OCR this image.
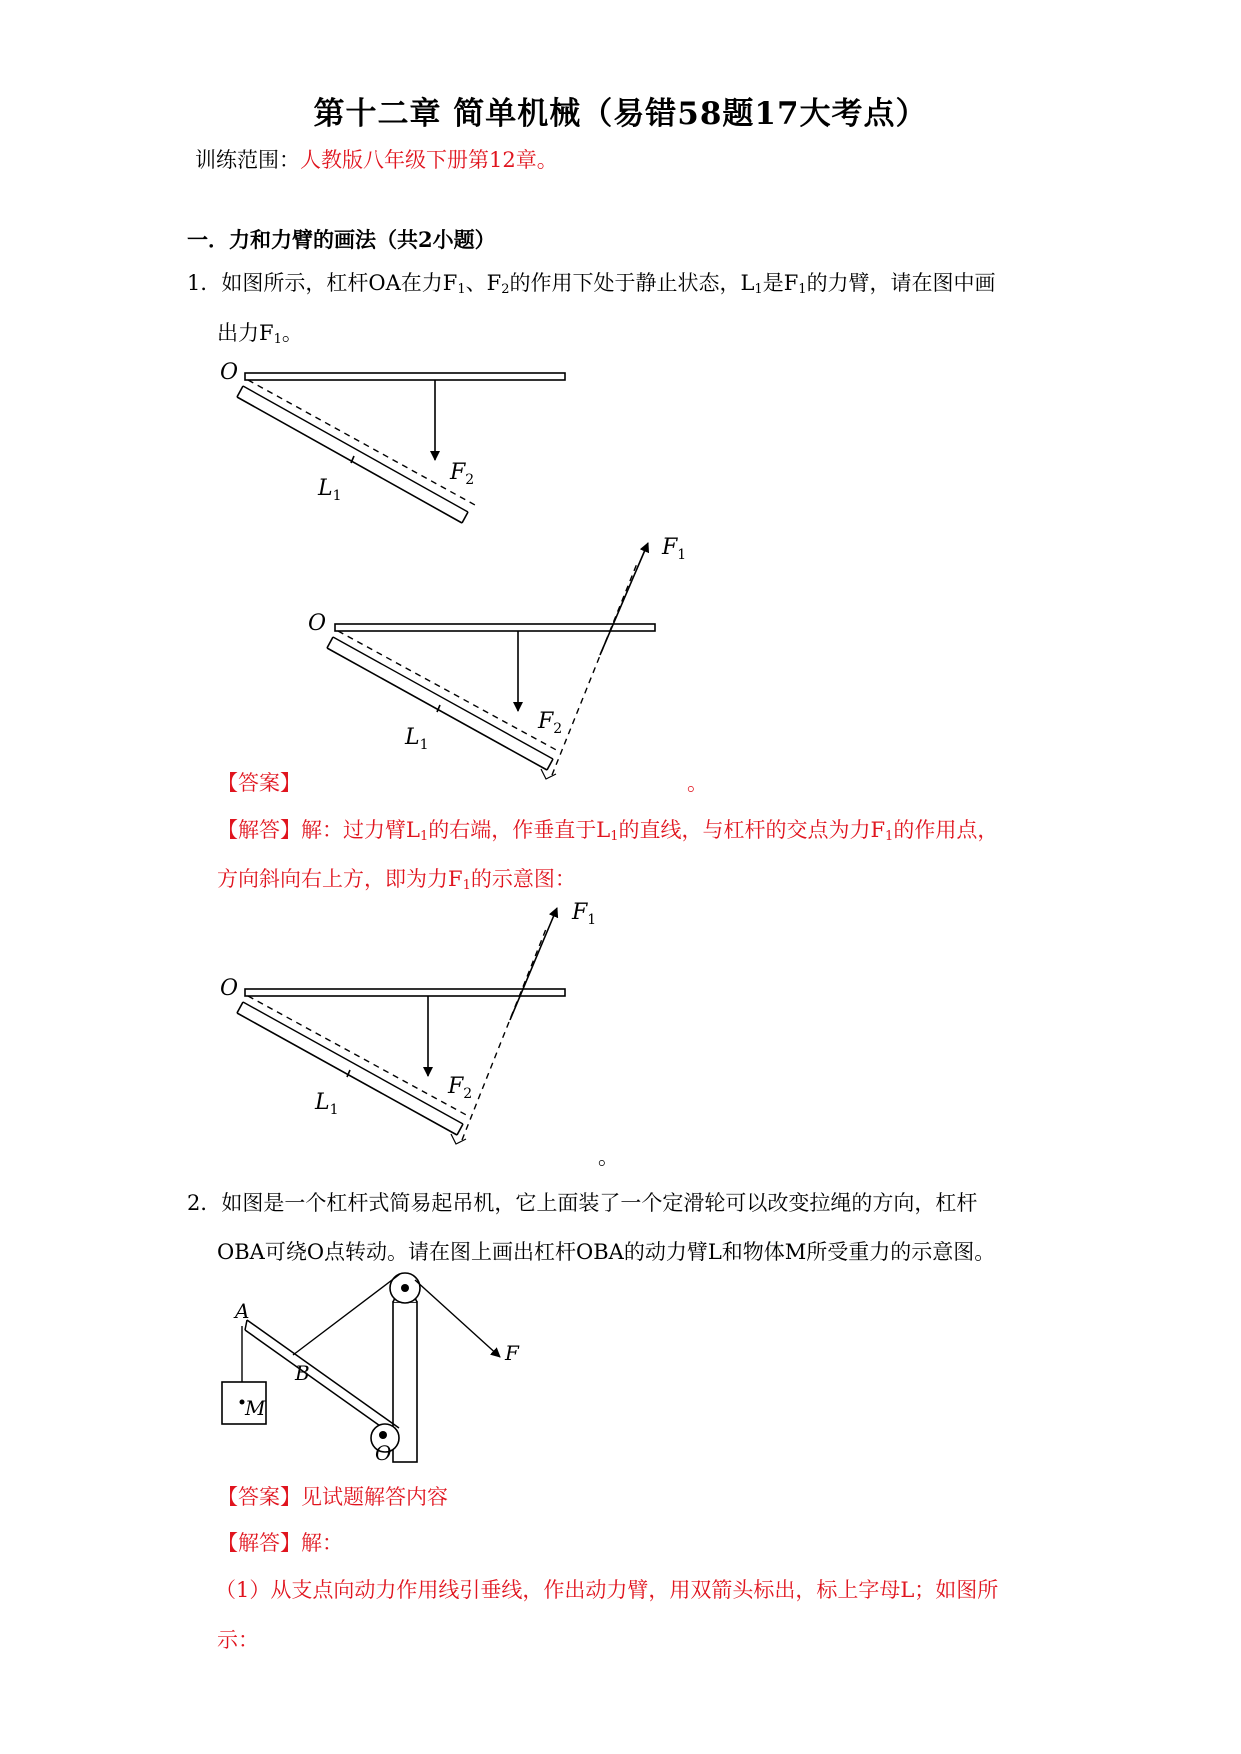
第十二章 简单机械（易错58题17大考点）
训练范围：人教版八年级下册第12章。
一．力和力臂的画法（共2小题）
1．如图所示，杠杆OA在力$F_1$、$F_2$的作用下处于静止状态，$L_1$是$F_1$的力臂，请在图中画
出力$F_1$。
O
$F_2$
$L_1$
O
$F_2$
$L_1$
$F_1$
【答案】	。
【解答】解：过力臂$L_1$的右端，作垂直于$L_1$的直线，与杠杆的交点为力$F_1$的作用点，
方向斜向右上方，即为力$F_1$的示意图：
O
$F_2$
$L_1$
$F_1$
。
2．如图是一个杠杆式简易起吊机，它上面装了一个定滑轮可以改变拉绳的方向，杠杆
OBA可绕O点转动。请在图上画出杠杆OBA的动力臂L和物体M所受重力的示意图。
A
B
M
O
F
【答案】见试题解答内容
【解答】解：
（1）从支点向动力作用线引垂线，作出动力臂，用双箭头标出，标上字母L；如图所
示：
